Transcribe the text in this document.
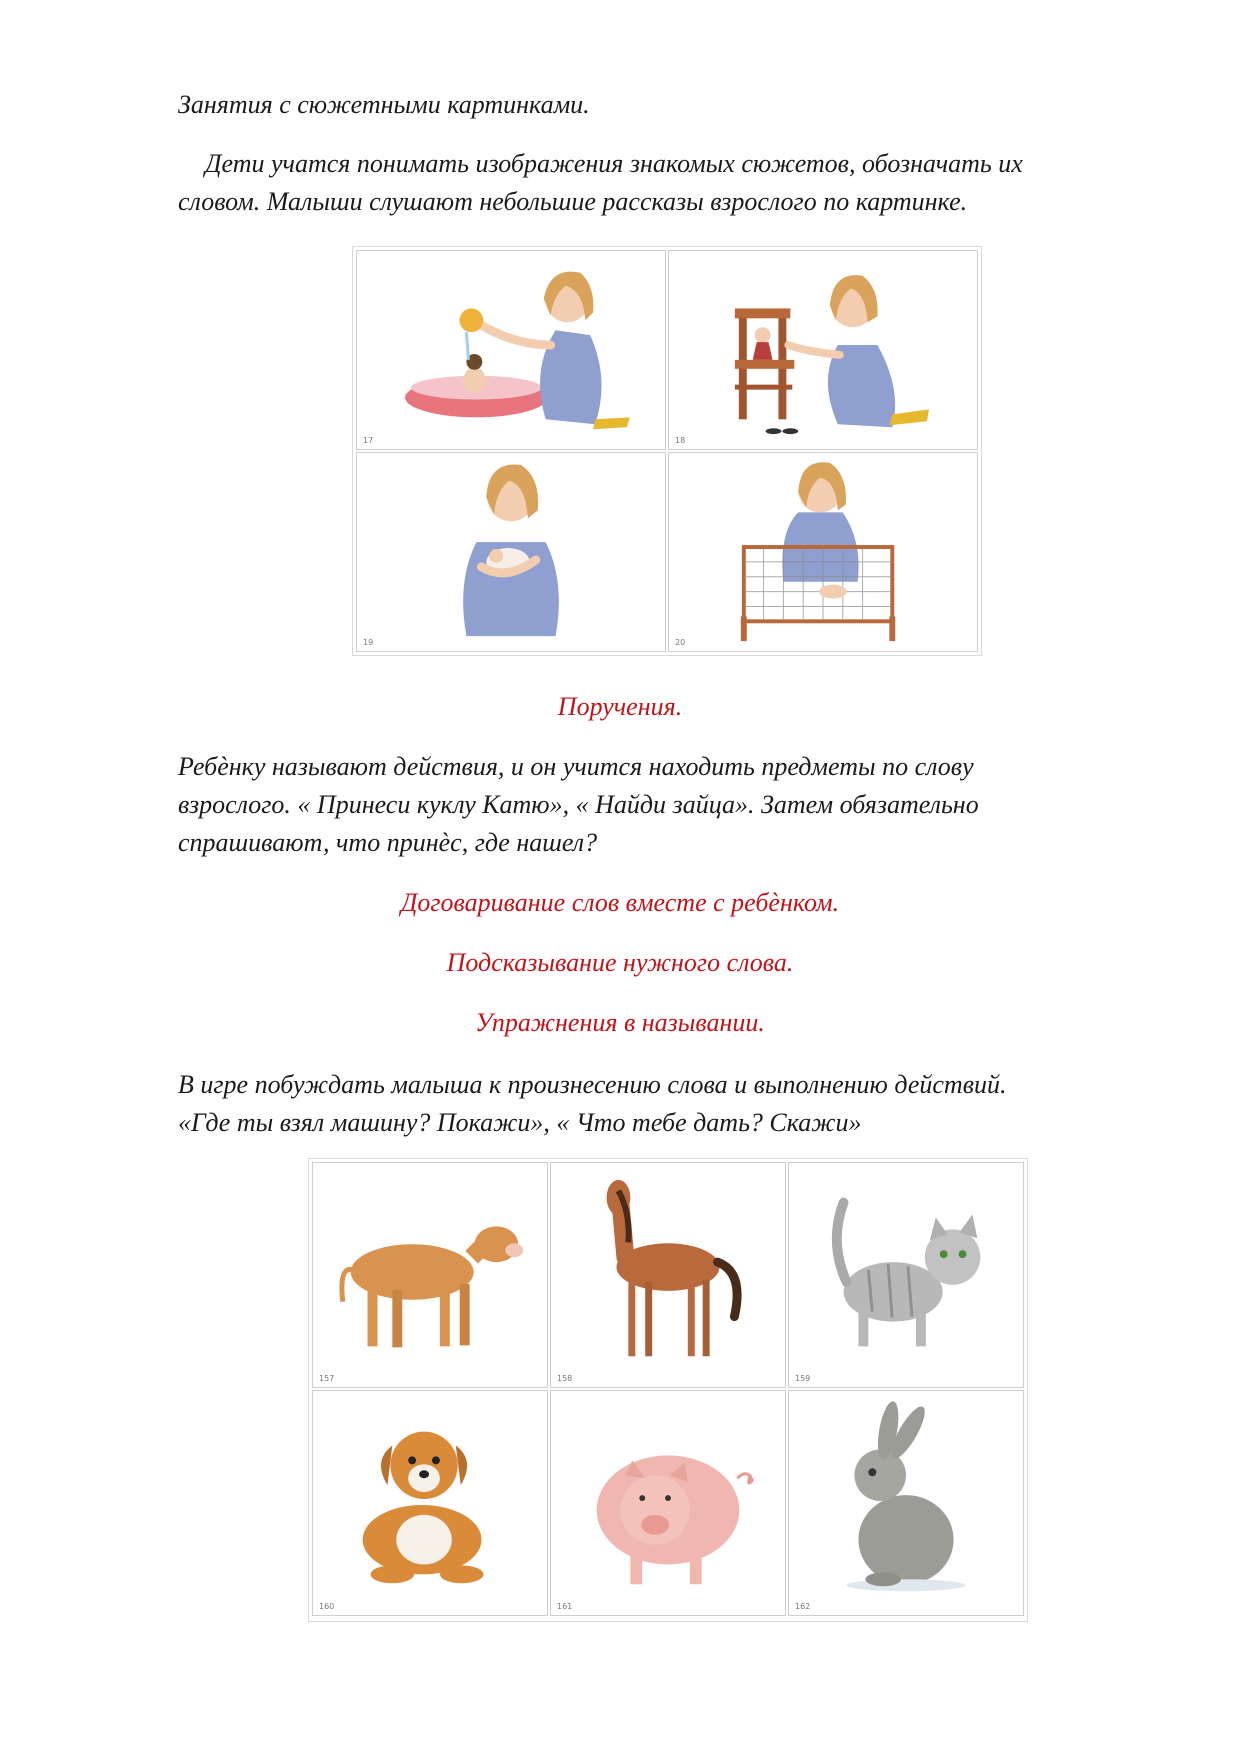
Занятия с сюжетными картинками.

Дети учатся понимать изображения знакомых сюжетов, обозначать их

словом. Малыши слушают небольшие рассказы взрослого по картинке.

17	18
19	20

Поручения.

Ребѐнку называют действия, и он учится находить предметы по слову

взрослого. « Принеси куклу Катю», « Найди зайца». Затем обязательно

спрашивают, что принѐс, где нашел?

Договаривание слов вместе с ребѐнком.

Подсказывание нужного слова.

Упражнения в назывании.

В игре побуждать малыша к произнесению слова и выполнению действий.

«Где ты взял машину? Покажи», « Что тебе дать? Скажи»

157	158	159
160	161	162
